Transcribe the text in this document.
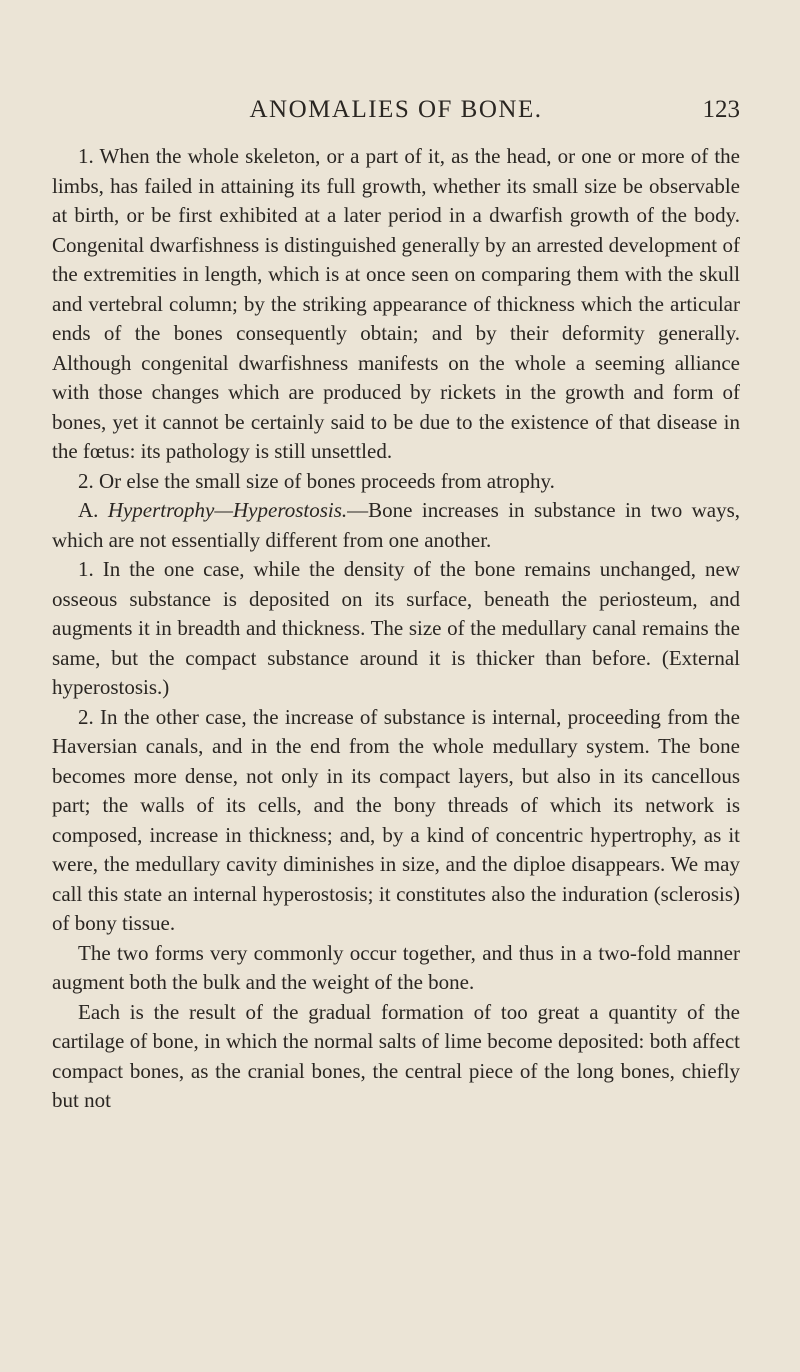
ANOMALIES OF BONE.	123

1. When the whole skeleton, or a part of it, as the head, or one or more of the limbs, has failed in attaining its full growth, whether its small size be observable at birth, or be first exhibited at a later period in a dwarfish growth of the body. Congenital dwarfishness is distinguished generally by an arrested development of the extremities in length, which is at once seen on comparing them with the skull and vertebral column; by the striking appearance of thickness which the articular ends of the bones consequently obtain; and by their deformity generally. Although congenital dwarfishness manifests on the whole a seeming alliance with those changes which are produced by rickets in the growth and form of bones, yet it cannot be certainly said to be due to the existence of that disease in the fœtus: its pathology is still unsettled.

2. Or else the small size of bones proceeds from atrophy.

A. Hypertrophy—Hyperostosis.—Bone increases in substance in two ways, which are not essentially different from one another.

1. In the one case, while the density of the bone remains unchanged, new osseous substance is deposited on its surface, beneath the periosteum, and augments it in breadth and thickness. The size of the medullary canal remains the same, but the compact substance around it is thicker than before. (External hyperostosis.)

2. In the other case, the increase of substance is internal, proceeding from the Haversian canals, and in the end from the whole medullary system. The bone becomes more dense, not only in its compact layers, but also in its cancellous part; the walls of its cells, and the bony threads of which its network is composed, increase in thickness; and, by a kind of concentric hypertrophy, as it were, the medullary cavity diminishes in size, and the diploe disappears. We may call this state an internal hyperostosis; it constitutes also the induration (sclerosis) of bony tissue.

The two forms very commonly occur together, and thus in a two-fold manner augment both the bulk and the weight of the bone.

Each is the result of the gradual formation of too great a quantity of the cartilage of bone, in which the normal salts of lime become deposited: both affect compact bones, as the cranial bones, the central piece of the long bones, chiefly but not
